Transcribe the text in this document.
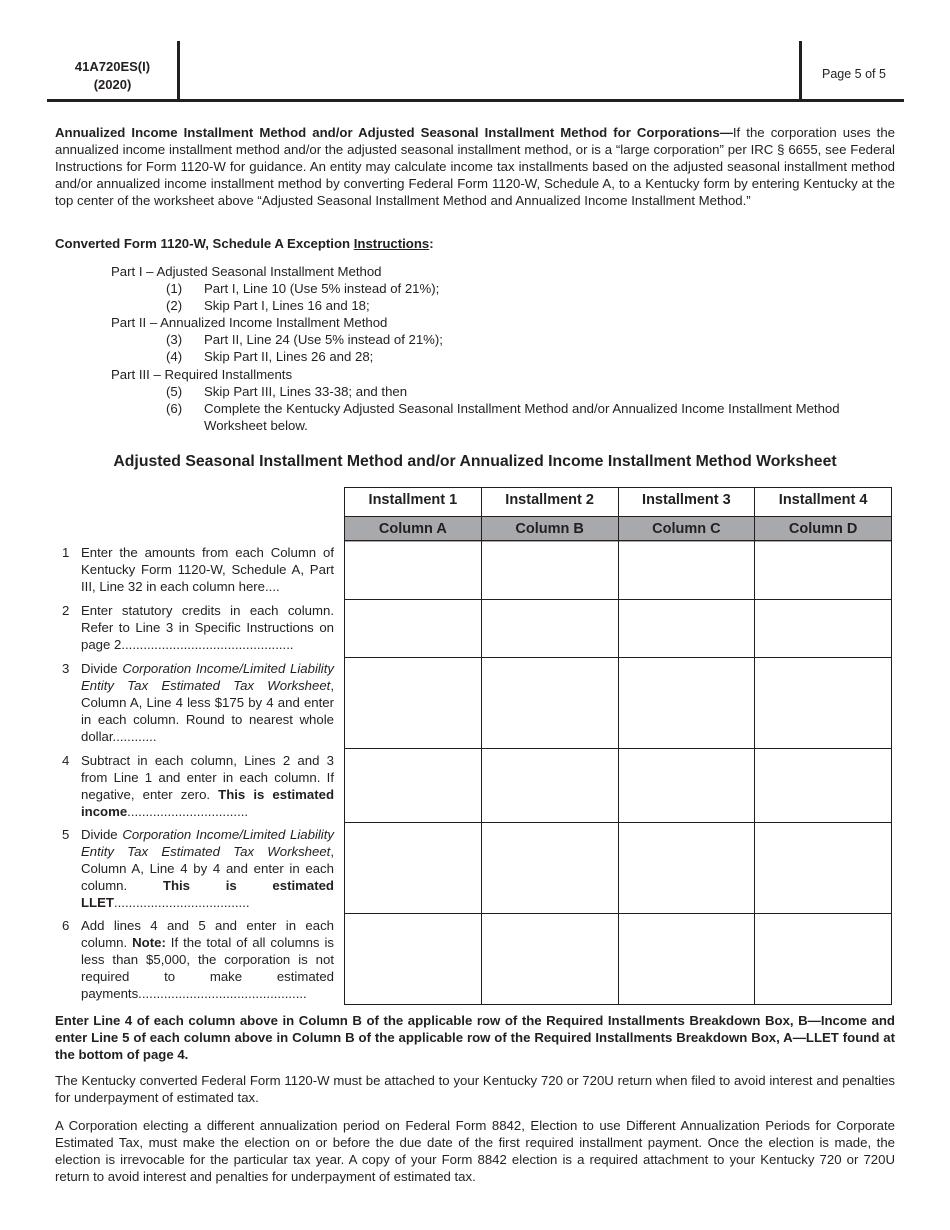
41A720ES(I)
(2020)
Page 5 of 5
Annualized Income Installment Method and/or Adjusted Seasonal Installment Method for Corporations—If the corporation uses the annualized income installment method and/or the adjusted seasonal installment method, or is a “large corporation” per IRC § 6655, see Federal Instructions for Form 1120-W for guidance. An entity may calculate income tax installments based on the adjusted seasonal installment method and/or annualized income installment method by converting Federal Form 1120-W, Schedule A, to a Kentucky form by entering Kentucky at the top center of the worksheet above “Adjusted Seasonal Installment Method and Annualized Income Installment Method.”
Converted Form 1120-W, Schedule A Exception Instructions:
Part I – Adjusted Seasonal Installment Method
(1) Part I, Line 10 (Use 5% instead of 21%);
(2) Skip Part I, Lines 16 and 18;
Part II – Annualized Income Installment Method
(3) Part II, Line 24 (Use 5% instead of 21%);
(4) Skip Part II, Lines 26 and 28;
Part III – Required Installments
(5) Skip Part III, Lines 33-38; and then
(6) Complete the Kentucky Adjusted Seasonal Installment Method and/or Annualized Income Installment Method Worksheet below.
Adjusted Seasonal Installment Method and/or Annualized Income Installment Method Worksheet
Installment 1	Installment 2	Installment 3	Installment 4
Column A	Column B	Column C	Column D
1 Enter the amounts from each Column of Kentucky Form 1120-W, Schedule A, Part III, Line 32 in each column here....
2 Enter statutory credits in each column. Refer to Line 3 in Specific Instructions on page 2...............................................
3 Divide Corporation Income/Limited Liability Entity Tax Estimated Tax Worksheet, Column A, Line 4 less $175 by 4 and enter in each column. Round to nearest whole dollar............
4 Subtract in each column, Lines 2 and 3 from Line 1 and enter in each column. If negative, enter zero. This is estimated income.................................
5 Divide Corporation Income/Limited Liability Entity Tax Estimated Tax Worksheet, Column A, Line 4 by 4 and enter in each column. This is estimated LLET.....................................
6 Add lines 4 and 5 and enter in each column. Note: If the total of all columns is less than $5,000, the corporation is not required to make estimated payments..............................................
Enter Line 4 of each column above in Column B of the applicable row of the Required Installments Breakdown Box, B—Income and enter Line 5 of each column above in Column B of the applicable row of the Required Installments Breakdown Box, A—LLET found at the bottom of page 4.
The Kentucky converted Federal Form 1120-W must be attached to your Kentucky 720 or 720U return when filed to avoid interest and penalties for underpayment of estimated tax.
A Corporation electing a different annualization period on Federal Form 8842, Election to use Different Annualization Periods for Corporate Estimated Tax, must make the election on or before the due date of the first required installment payment. Once the election is made, the election is irrevocable for the particular tax year. A copy of your Form 8842 election is a required attachment to your Kentucky 720 or 720U return to avoid interest and penalties for underpayment of estimated tax.
